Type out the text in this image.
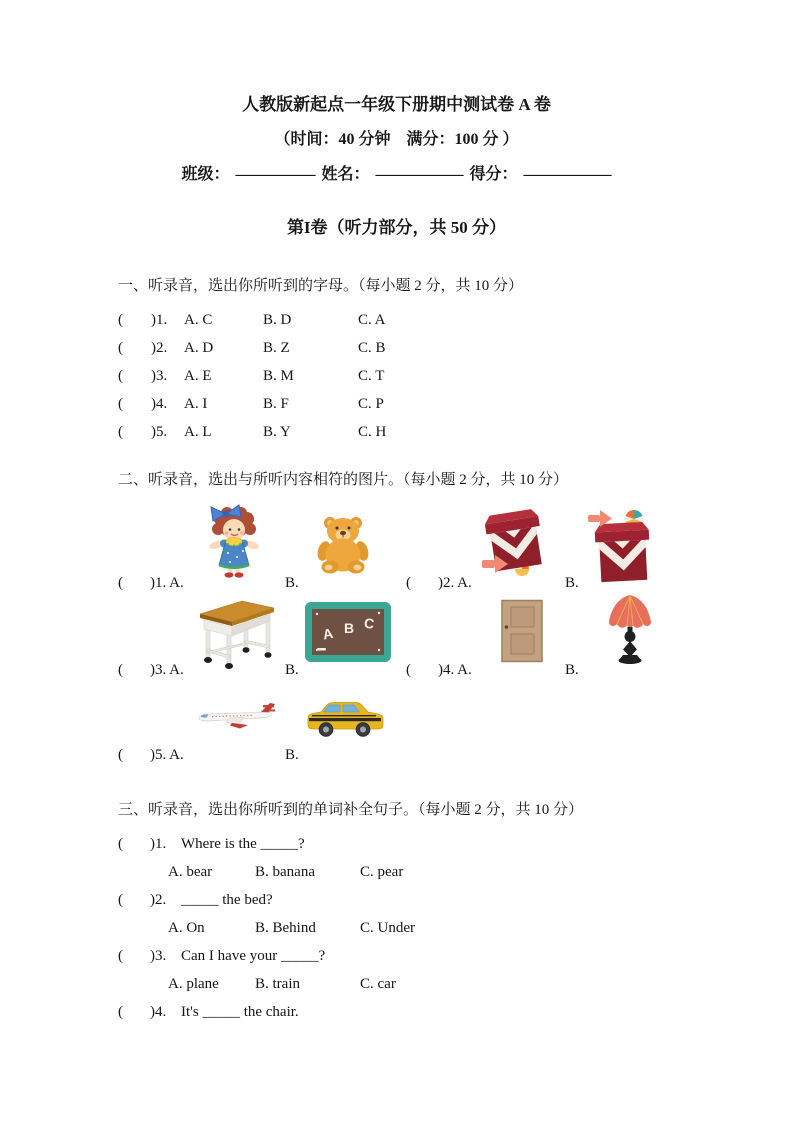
人教版新起点一年级下册期中测试卷 A 卷
（时间：40 分钟　满分：100 分 ）
班级： __________ 姓名： ___________ 得分： ___________
第I卷（听力部分，共 50 分）
一、听录音，选出你所听到的字母。（每小题 2 分，共 10 分）
( )1. A. C	B. D	C. A
( )2. A. D	B. Z	C. B
( )3. A. E	B. M	C. T
( )4. A. I	B. F	C. P
( )5. A. L	B. Y	C. H
二、听录音，选出与所听内容相符的图片。（每小题 2 分，共 10 分）
( )1. A.	B.	( )2. A.	B.
( )3. A.	B.	( )4. A.	B.
A B C
( )5. A.	B.
三、听录音，选出你所听到的单词补全句子。（每小题 2 分，共 10 分）
( )1. Where is the _____?
A. bear	B. banana	C. pear
( )2. _____ the bed?
A. On	B. Behind	C. Under
( )3. Can I have your _____?
A. plane B. train	C. car
( )4. It's _____ the chair.
